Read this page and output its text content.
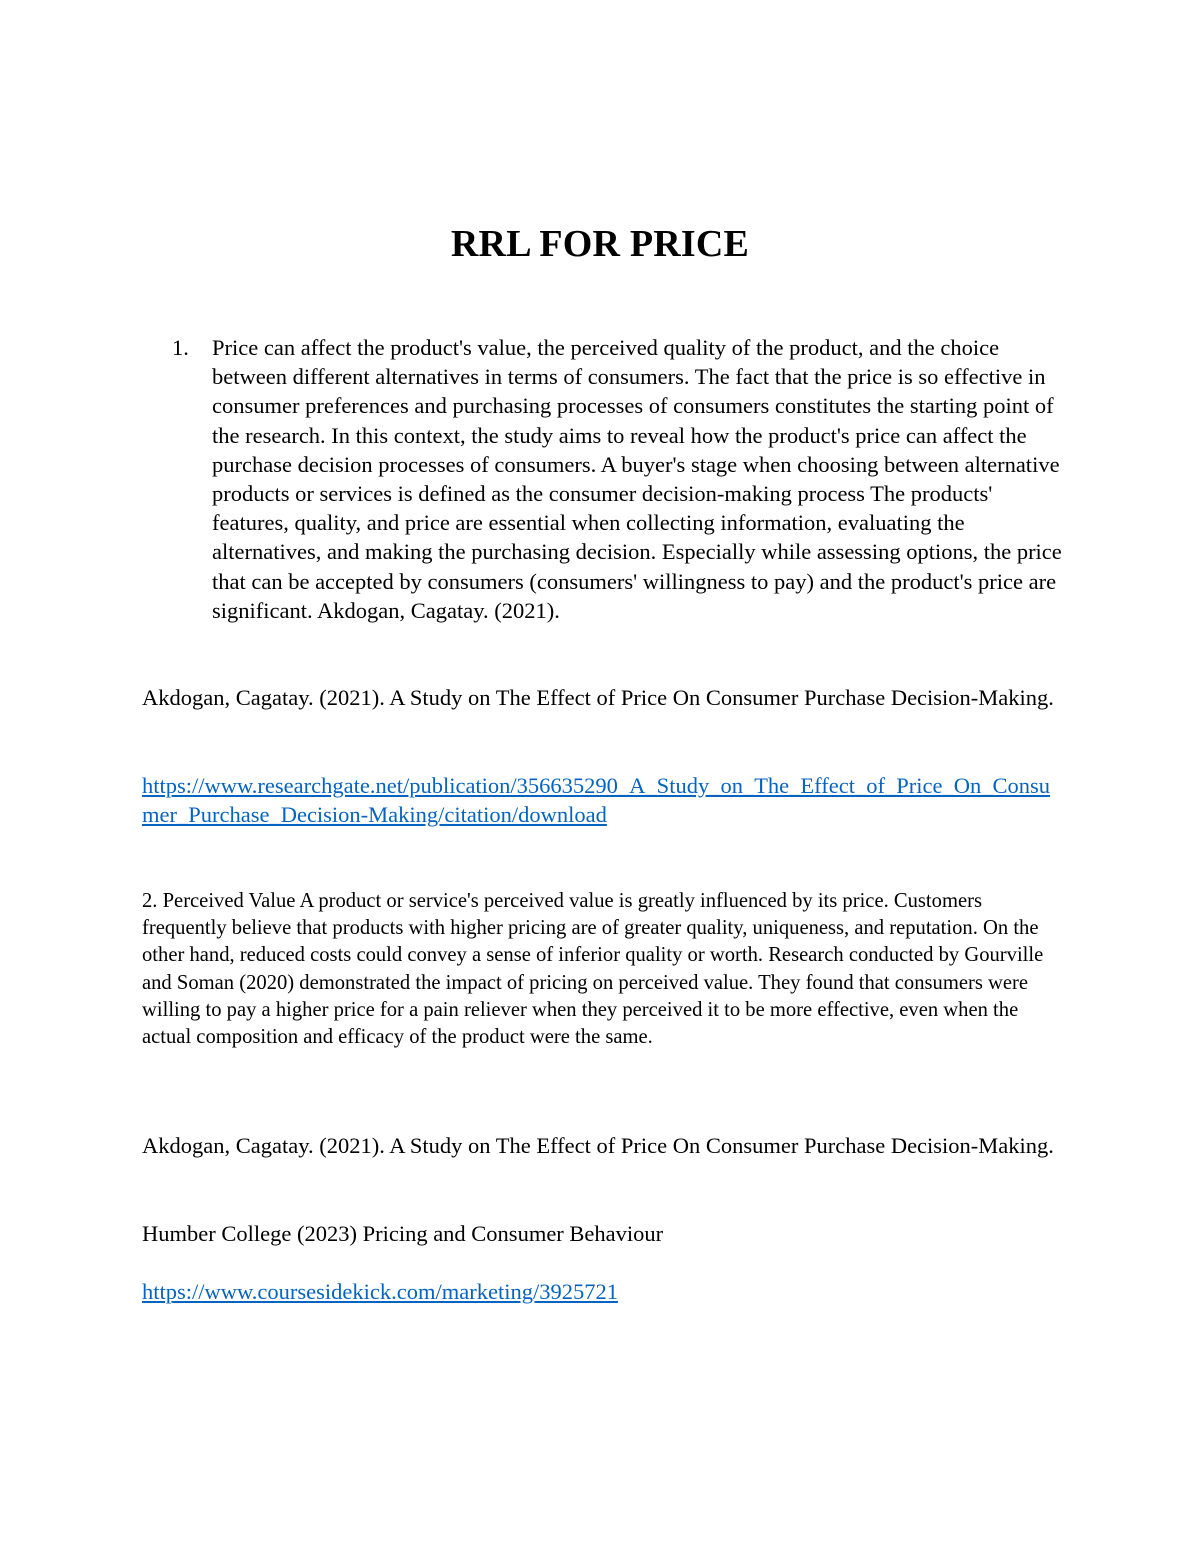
RRL FOR PRICE
1.	Price can affect the product's value, the perceived quality of the product, and the choice between different alternatives in terms of consumers. The fact that the price is so effective in consumer preferences and purchasing processes of consumers constitutes the starting point of the research. In this context, the study aims to reveal how the product's price can affect the purchase decision processes of consumers. A buyer's stage when choosing between alternative products or services is defined as the consumer decision-making process The products' features, quality, and price are essential when collecting information, evaluating the alternatives, and making the purchasing decision. Especially while assessing options, the price that can be accepted by consumers (consumers' willingness to pay) and the product's price are significant. Akdogan, Cagatay. (2021).
Akdogan, Cagatay. (2021). A Study on The Effect of Price On Consumer Purchase Decision-Making.
https://www.researchgate.net/publication/356635290_A_Study_on_The_Effect_of_Price_On_Consumer_Purchase_Decision-Making/citation/download
2. Perceived Value A product or service's perceived value is greatly influenced by its price. Customers frequently believe that products with higher pricing are of greater quality, uniqueness, and reputation. On the other hand, reduced costs could convey a sense of inferior quality or worth. Research conducted by Gourville and Soman (2020) demonstrated the impact of pricing on perceived value. They found that consumers were willing to pay a higher price for a pain reliever when they perceived it to be more effective, even when the actual composition and efficacy of the product were the same.
Akdogan, Cagatay. (2021). A Study on The Effect of Price On Consumer Purchase Decision-Making.
Humber College (2023) Pricing and Consumer Behaviour
https://www.coursesidekick.com/marketing/3925721
